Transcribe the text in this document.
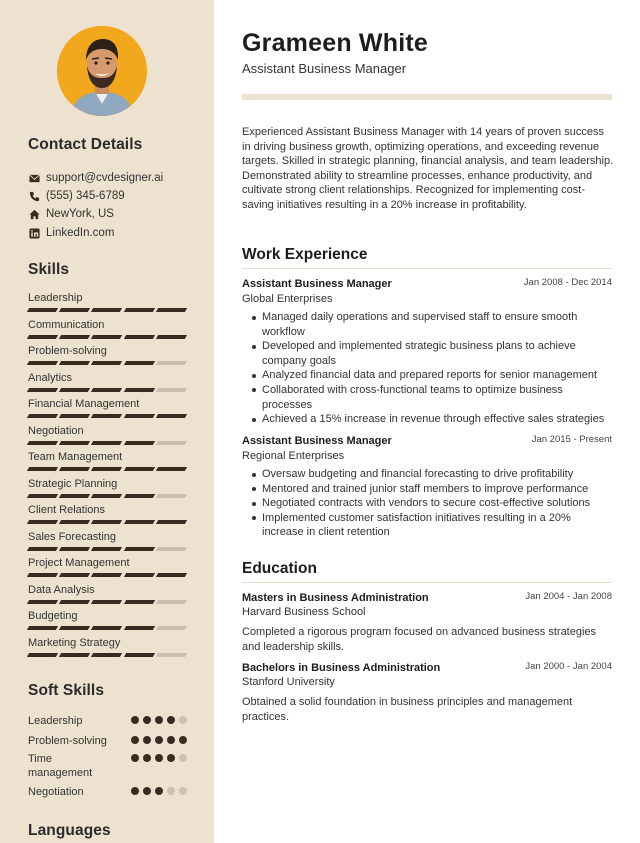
Contact Details
support@cvdesigner.ai
(555) 345-6789
NewYork, US
LinkedIn.com
Skills
Leadership
Communication
Problem-solving
Analytics
Financial Management
Negotiation
Team Management
Strategic Planning
Client Relations
Sales Forecasting
Project Management
Data Analysis
Budgeting
Marketing Strategy
Soft Skills
Leadership
Problem-solving
Time management
Negotiation
Languages
Grameen White
Assistant Business Manager
Experienced Assistant Business Manager with 14 years of proven success in driving business growth, optimizing operations, and exceeding revenue targets. Skilled in strategic planning, financial analysis, and team leadership. Demonstrated ability to streamline processes, enhance productivity, and cultivate strong client relationships. Recognized for implementing cost-saving initiatives resulting in a 20% increase in profitability.
Work Experience
Assistant Business Manager	Jan 2008 - Dec 2014
Global Enterprises
Managed daily operations and supervised staff to ensure smooth workflow
Developed and implemented strategic business plans to achieve company goals
Analyzed financial data and prepared reports for senior management
Collaborated with cross-functional teams to optimize business processes
Achieved a 15% increase in revenue through effective sales strategies
Assistant Business Manager	Jan 2015 - Present
Regional Enterprises
Oversaw budgeting and financial forecasting to drive profitability
Mentored and trained junior staff members to improve performance
Negotiated contracts with vendors to secure cost-effective solutions
Implemented customer satisfaction initiatives resulting in a 20% increase in client retention
Education
Masters in Business Administration	Jan 2004 - Jan 2008
Harvard Business School
Completed a rigorous program focused on advanced business strategies and leadership skills.
Bachelors in Business Administration	Jan 2000 - Jan 2004
Stanford University
Obtained a solid foundation in business principles and management practices.
